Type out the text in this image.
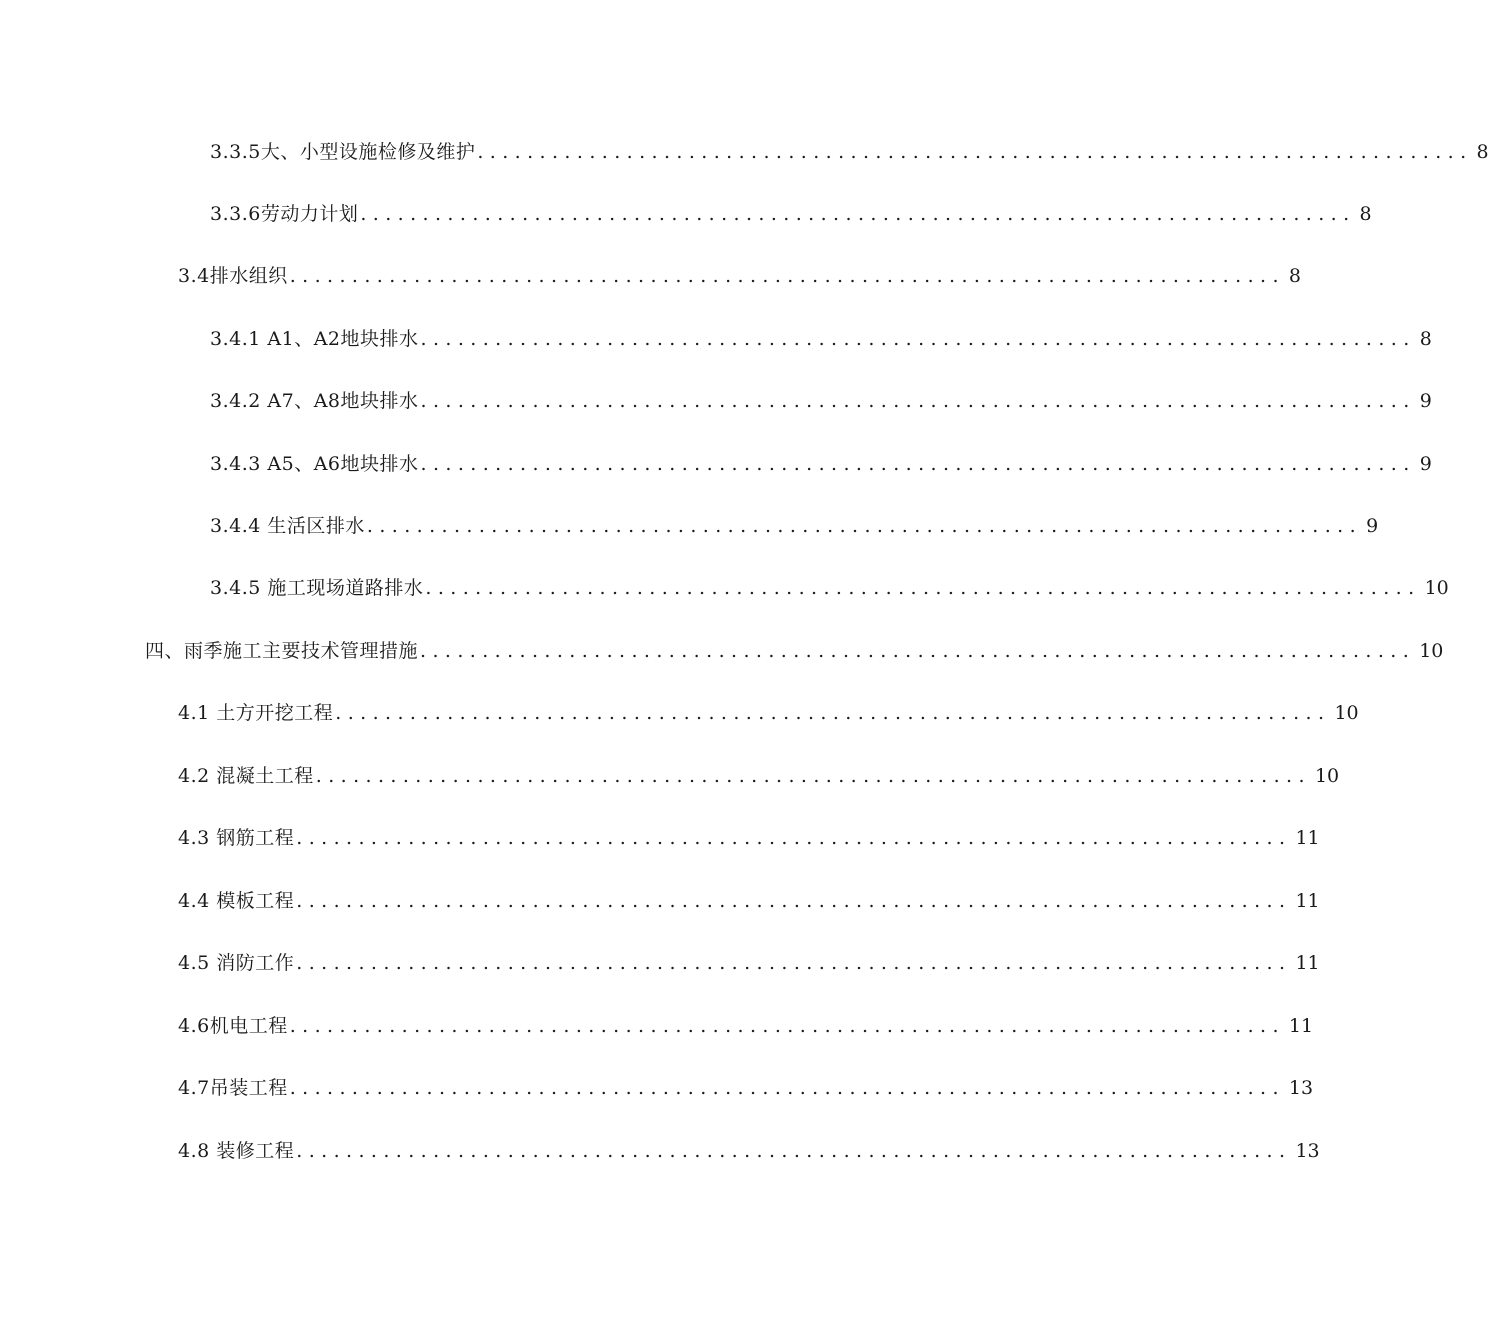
3.3.5大、小型设施检修及维护 ................................................................................ 8
3.3.6劳动力计划 ................................................................................ 8
3.4排水组织 ................................................................................ 8
3.4.1 A1、A2地块排水 ................................................................................ 8
3.4.2 A7、A8地块排水 ................................................................................ 9
3.4.3 A5、A6地块排水 ................................................................................ 9
3.4.4 生活区排水 ................................................................................ 9
3.4.5 施工现场道路排水 ................................................................................ 10
四、雨季施工主要技术管理措施 ................................................................................ 10
4.1 土方开挖工程 ................................................................................ 10
4.2 混凝土工程 ................................................................................ 10
4.3 钢筋工程 ................................................................................ 11
4.4 模板工程 ................................................................................ 11
4.5 消防工作 ................................................................................ 11
4.6机电工程 ................................................................................ 11
4.7吊装工程 ................................................................................ 13
4.8 装修工程 ................................................................................ 13
